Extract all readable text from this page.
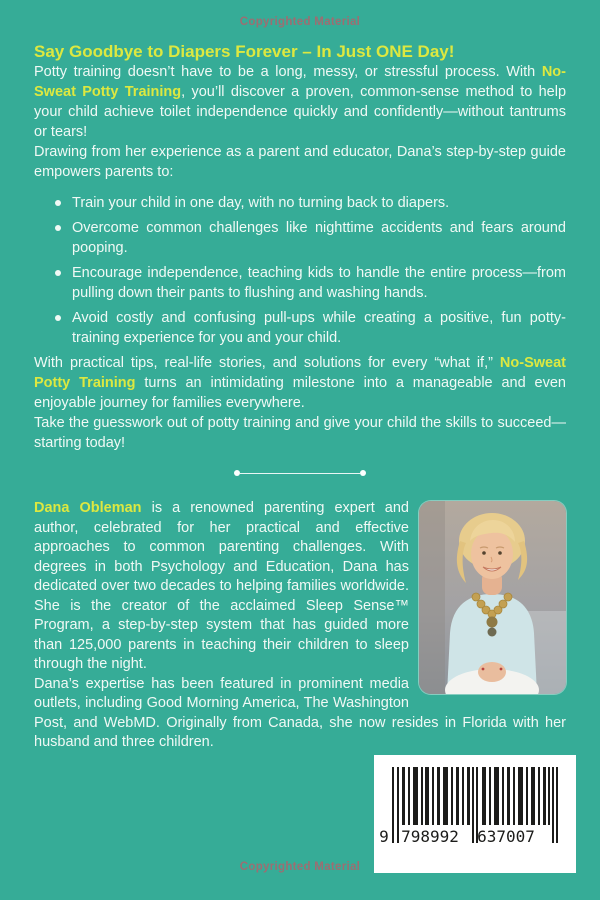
Copyrighted Material
Say Goodbye to Diapers Forever – In Just ONE Day!

Potty training doesn’t have to be a long, messy, or stressful process. With No-Sweat Potty Training, you’ll discover a proven, common-sense method to help your child achieve toilet independence quickly and confidently—without tantrums or tears!

Drawing from her experience as a parent and educator, Dana’s step-by-step guide empowers parents to:

Train your child in one day, with no turning back to diapers.
Overcome common challenges like nighttime accidents and fears around pooping.
Encourage independence, teaching kids to handle the entire process—from pulling down their pants to flushing and washing hands.
Avoid costly and confusing pull-ups while creating a positive, fun potty-training experience for you and your child.

With practical tips, real-life stories, and solutions for every “what if,” No-Sweat Potty Training turns an intimidating milestone into a manageable and even enjoyable journey for families everywhere.

Take the guesswork out of potty training and give your child the skills to succeed—starting today!

Dana Obleman is a renowned parenting expert and author, celebrated for her practical and effective approaches to common parenting challenges. With degrees in both Psychology and Education, Dana has dedicated over two decades to helping families worldwide. She is the creator of the acclaimed Sleep Sense™ Program, a step-by-step system that has guided more than 125,000 parents in teaching their children to sleep through the night.

Dana’s expertise has been featured in prominent media outlets, including Good Morning America, The Washington Post, and WebMD. Originally from Canada, she now resides in Florida with her husband and three children.

9 798992 637007
Copyrighted Material
